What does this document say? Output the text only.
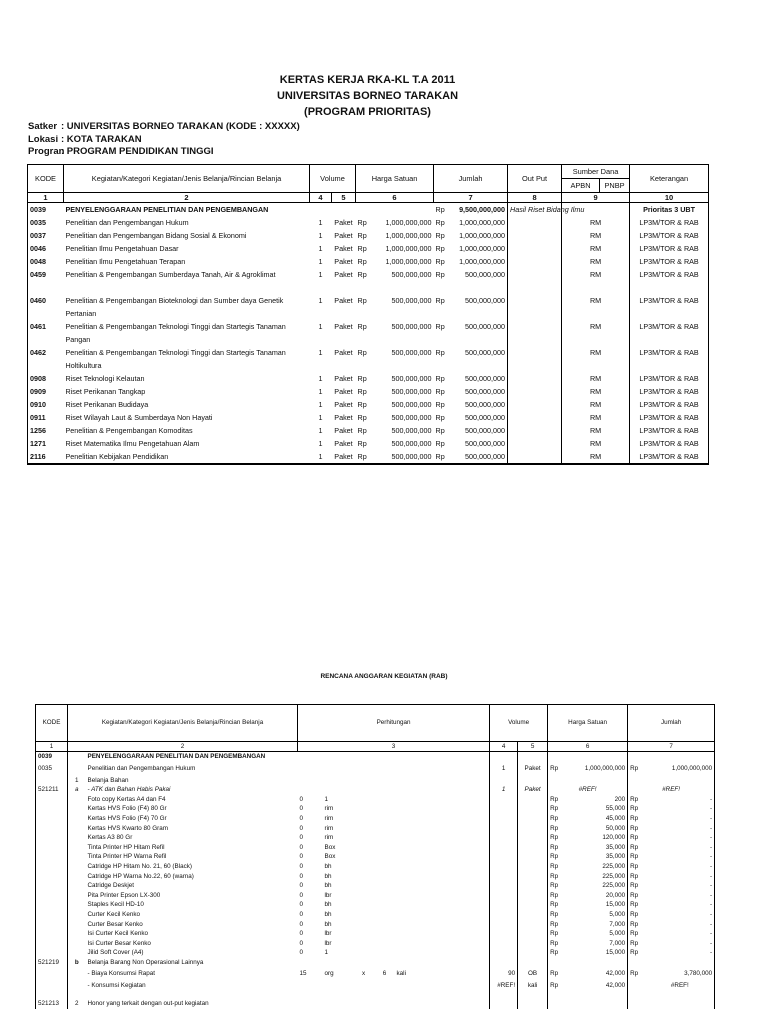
KERTAS KERJA RKA-KL T.A 2011
UNIVERSITAS BORNEO TARAKAN
(PROGRAM PRIORITAS)
Satker : UNIVERSITAS BORNEO TARAKAN (KODE : XXXXX)
Lokasi : KOTA TARAKAN
Progran: PROGRAM PENDIDIKAN TINGGI
KODE	Kegiatan/Kategori Kegiatan/Jenis Belanja/Rincian Belanja	Volume		Harga Satuan		Jumlah		Out Put	Sumber Dana		Keterangan
									APBN	PNBP	
1	2	4	5	6		7		8	9		10
0039	PENYELENGGARAAN PENELITIAN DAN PENGEMBANGAN					Rp	9,500,000,000	Hasil Riset Bidang Ilmu			Prioritas 3 UBT
0035	Penelitian dan Pengembangan Hukum	1	Paket	Rp	1,000,000,000	Rp	1,000,000,000		RM		LP3M/TOR & RAB
0037	Penelitian dan Pengembangan Bidang Sosial & Ekonomi	1	Paket	Rp	1,000,000,000	Rp	1,000,000,000		RM		LP3M/TOR & RAB
0046	Penelitian Ilmu Pengetahuan Dasar	1	Paket	Rp	1,000,000,000	Rp	1,000,000,000		RM		LP3M/TOR & RAB
0048	Penelitian Ilmu Pengetahuan Terapan	1	Paket	Rp	1,000,000,000	Rp	1,000,000,000		RM		LP3M/TOR & RAB
0459	Penelitian & Pengembangan Sumberdaya Tanah, Air & Agroklimat	1	Paket	Rp	500,000,000	Rp	500,000,000		RM		LP3M/TOR & RAB
0460	Penelitian & Pengembangan Bioteknologi dan Sumber daya Genetik Pertanian	1	Paket	Rp	500,000,000	Rp	500,000,000		RM		LP3M/TOR & RAB
0461	Penelitian & Pengembangan Teknologi Tinggi dan Startegis Tanaman Pangan	1	Paket	Rp	500,000,000	Rp	500,000,000		RM		LP3M/TOR & RAB
0462	Penelitian & Pengembangan Teknologi Tinggi dan Startegis Tanaman Holtikultura	1	Paket	Rp	500,000,000	Rp	500,000,000		RM		LP3M/TOR & RAB
0908	Riset Teknologi Kelautan	1	Paket	Rp	500,000,000	Rp	500,000,000		RM		LP3M/TOR & RAB
0909	Riset Perikanan Tangkap	1	Paket	Rp	500,000,000	Rp	500,000,000		RM		LP3M/TOR & RAB
0910	Riset Perikanan Budidaya	1	Paket	Rp	500,000,000	Rp	500,000,000		RM		LP3M/TOR & RAB
0911	Riset Wilayah Laut & Sumberdaya Non Hayati	1	Paket	Rp	500,000,000	Rp	500,000,000		RM		LP3M/TOR & RAB
1256	Penelitian & Pengembangan Komoditas	1	Paket	Rp	500,000,000	Rp	500,000,000		RM		LP3M/TOR & RAB
1271	Riset Matematika Ilmu Pengetahuan Alam	1	Paket	Rp	500,000,000	Rp	500,000,000		RM		LP3M/TOR & RAB
2116	Penelitian Kebijakan Pendidikan	1	Paket	Rp	500,000,000	Rp	500,000,000		RM		LP3M/TOR & RAB
RENCANA ANGGARAN KEGIATAN (RAB)
KODE	Kegiatan/Kategori Kegiatan/Jenis Belanja/Rincian Belanja		Perhitungan						Volume		Harga Satuan		Jumlah	
1	2		3						4	5	6		7	
0039		PENYELENGGARAAN PENELITIAN DAN PENGEMBANGAN												
0035		Penelitian dan Pengembangan Hukum							1	Paket	Rp	1,000,000,000	Rp	1,000,000,000
	1	Belanja Bahan												
521211	a	- ATK dan Bahan Habis Pakai							1	Paket	#REF!		#REF!	
		Foto copy Kertas A4 dan F4	0	1							Rp	200	Rp	-
		Kertas HVS Folio (F4) 80 Gr	0	rim							Rp	55,000	Rp	-
		Kertas HVS Folio (F4) 70 Gr	0	rim							Rp	45,000	Rp	-
		Kertas HVS Kwarto 80 Gram	0	rim							Rp	50,000	Rp	-
		Kertas A3 80 Gr	0	rim							Rp	120,000	Rp	-
		Tinta Printer HP Hitam Refil	0	Box							Rp	35,000	Rp	-
		Tinta Printer HP Warna Refil	0	Box							Rp	35,000	Rp	-
		Catridge HP Hitam No. 21, 60 (Black)	0	bh							Rp	225,000	Rp	-
		Catridge HP Warna No.22, 60 (warna)	0	bh							Rp	225,000	Rp	-
		Catridge Deskjet	0	bh							Rp	225,000	Rp	-
		Pita Printer Epson LX-300	0	lbr							Rp	20,000	Rp	-
		Staples Kecil HD-10	0	bh							Rp	15,000	Rp	-
		Curter Kecil Kenko	0	bh							Rp	5,000	Rp	-
		Curter Besar Kenko	0	bh							Rp	7,000	Rp	-
		Isi Curter Kecil Kenko	0	lbr							Rp	5,000	Rp	-
		Isi Curter Besar Kenko	0	lbr							Rp	7,000	Rp	-
		Jilid Soft Cover (A4)	0	1							Rp	15,000	Rp	-
521219	b	Belanja Barang Non Operasional Lainnya												
		- Biaya Konsumsi Rapat	15	org	x	6	kali		90	OB	Rp	42,000	Rp	3,780,000
		- Konsumsi Kegiatan							#REF!	kali	Rp	42,000		#REF!
521213	2	Honor yang terkait dengan out-put kegiatan												
